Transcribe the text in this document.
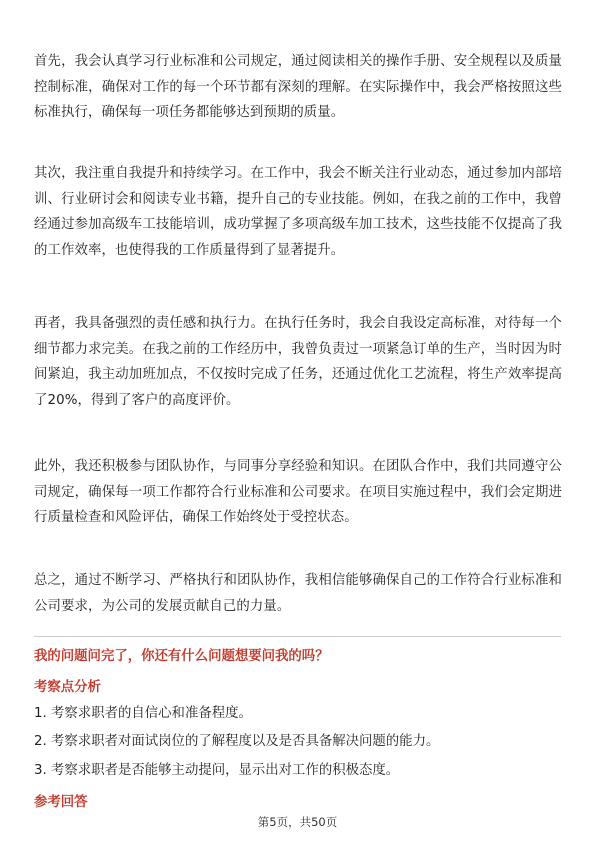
首先，我会认真学习行业标准和公司规定，通过阅读相关的操作手册、安全规程以及质量控制标准，确保对工作的每一个环节都有深刻的理解。在实际操作中，我会严格按照这些标准执行，确保每一项任务都能够达到预期的质量。

其次，我注重自我提升和持续学习。在工作中，我会不断关注行业动态，通过参加内部培训、行业研讨会和阅读专业书籍，提升自己的专业技能。例如，在我之前的工作中，我曾经通过参加高级车工技能培训，成功掌握了多项高级车加工技术，这些技能不仅提高了我的工作效率，也使得我的工作质量得到了显著提升。

再者，我具备强烈的责任感和执行力。在执行任务时，我会自我设定高标准，对待每一个细节都力求完美。在我之前的工作经历中，我曾负责过一项紧急订单的生产，当时因为时间紧迫，我主动加班加点，不仅按时完成了任务，还通过优化工艺流程，将生产效率提高了20%，得到了客户的高度评价。

此外，我还积极参与团队协作，与同事分享经验和知识。在团队合作中，我们共同遵守公司规定，确保每一项工作都符合行业标准和公司要求。在项目实施过程中，我们会定期进行质量检查和风险评估，确保工作始终处于受控状态。

总之，通过不断学习、严格执行和团队协作，我相信能够确保自己的工作符合行业标准和公司要求，为公司的发展贡献自己的力量。

我的问题问完了，你还有什么问题想要问我的吗？

考察点分析

1. 考察求职者的自信心和准备程度。

2. 考察求职者对面试岗位的了解程度以及是否具备解决问题的能力。

3. 考察求职者是否能够主动提问，显示出对工作的积极态度。

参考回答

第5页，共50页
